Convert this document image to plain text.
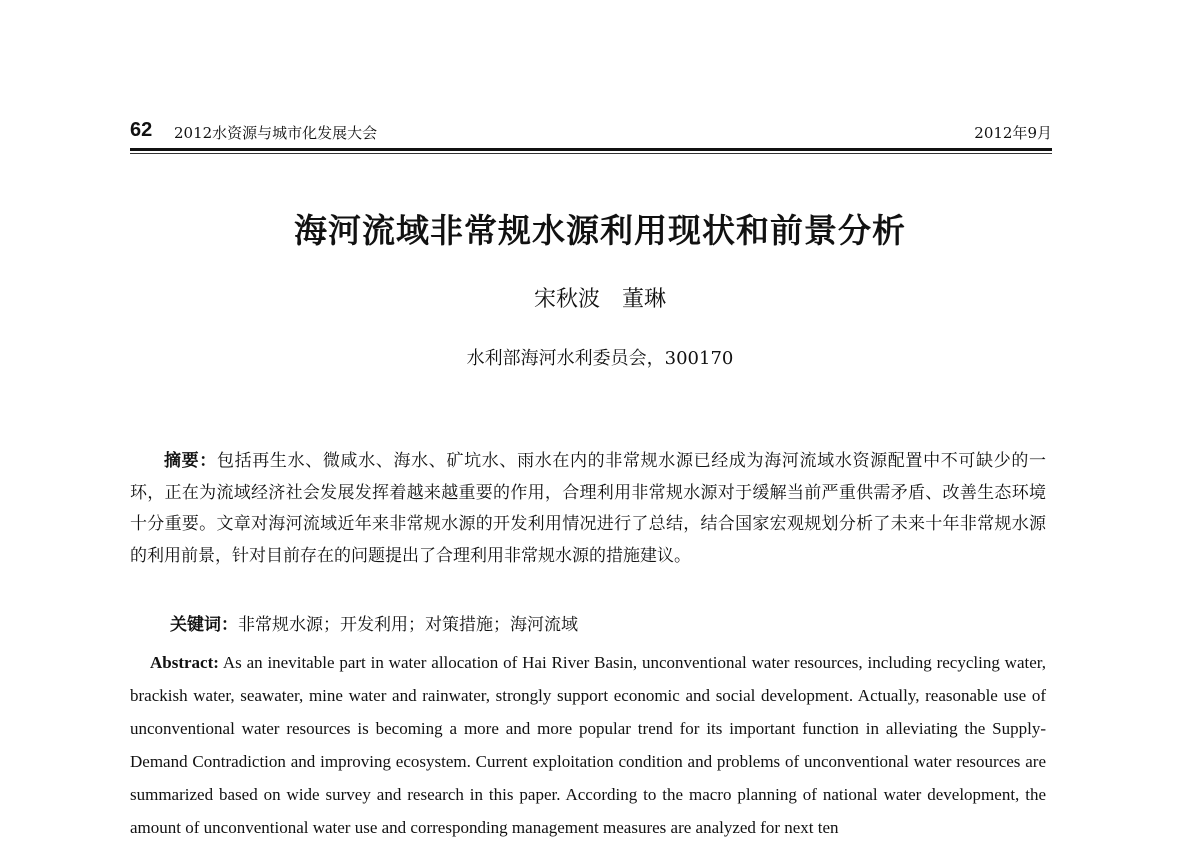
62 2012水资源与城市化发展大会	2012年9月
海河流域非常规水源利用现状和前景分析
宋秋波　董琳
水利部海河水利委员会，300170

摘要：包括再生水、微咸水、海水、矿坑水、雨水在内的非常规水源已经成为海河流域水资源配置中不可缺少的一环，正在为流域经济社会发展发挥着越来越重要的作用，合理利用非常规水源对于缓解当前严重供需矛盾、改善生态环境十分重要。文章对海河流域近年来非常规水源的开发利用情况进行了总结，结合国家宏观规划分析了未来十年非常规水源的利用前景，针对目前存在的问题提出了合理利用非常规水源的措施建议。

关键词：非常规水源；开发利用；对策措施；海河流域

Abstract: As an inevitable part in water allocation of Hai River Basin, unconventional water resources, including recycling water, brackish water, seawater, mine water and rainwater, strongly support economic and social development. Actually, reasonable use of unconventional water resources is becoming a more and more popular trend for its important function in alleviating the Supply-Demand Contradiction and improving ecosystem. Current exploitation condition and problems of unconventional water resources are summarized based on wide survey and research in this paper. According to the macro planning of national water development, the amount of unconventional water use and corresponding management measures are analyzed for next ten
